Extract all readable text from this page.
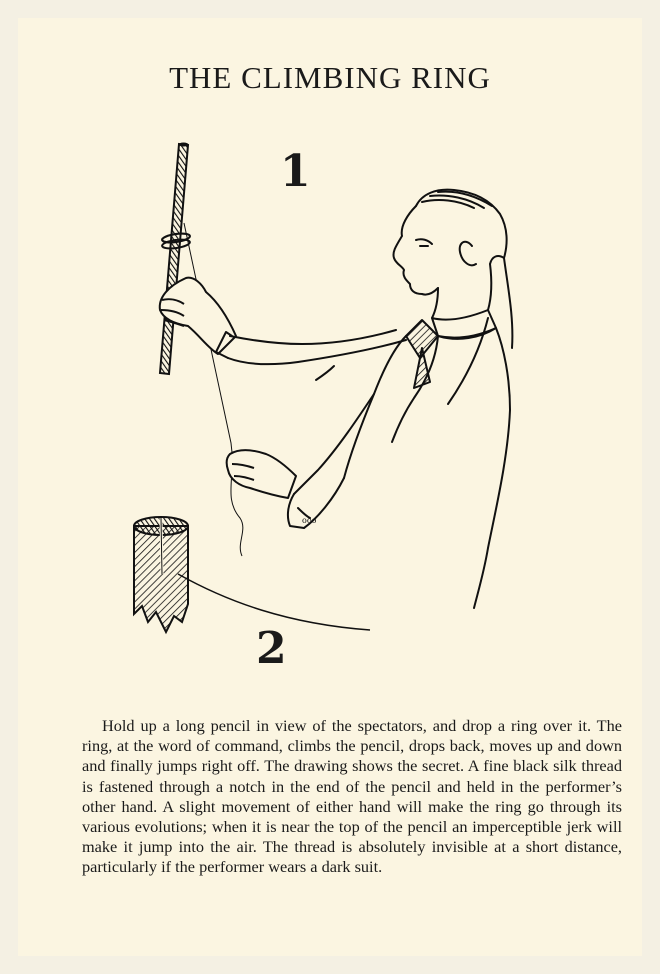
THE CLIMBING RING
ooo
1
2

Hold up a long pencil in view of the spectators, and drop a ring over it. The ring, at the word of command, climbs the pencil, drops back, moves up and down and finally jumps right off. The drawing shows the secret. A fine black silk thread is fastened through a notch in the end of the pencil and held in the performer’s other hand. A slight movement of either hand will make the ring go through its various evolutions; when it is near the top of the pencil an imperceptible jerk will make it jump into the air. The thread is absolutely invisible at a short distance, particularly if the performer wears a dark suit.
